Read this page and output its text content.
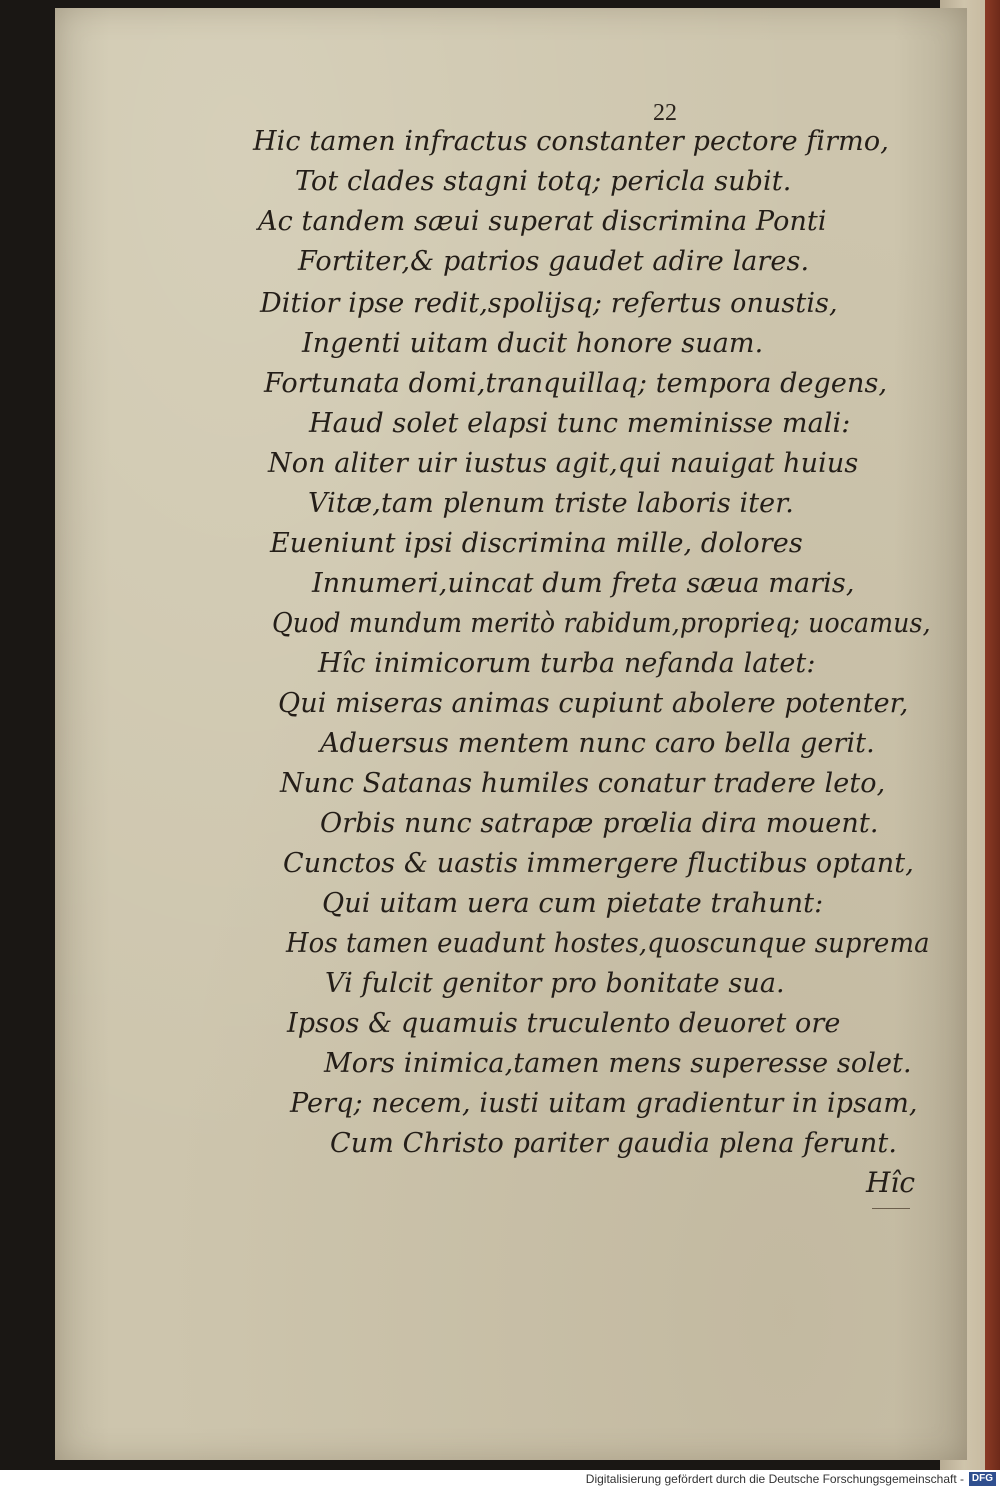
22
Hic tamen infractus constanter pectore firmo,
Tot clades stagni totq; pericla subit.
Ac tandem sæui superat discrimina Ponti
Fortiter,& patrios gaudet adire lares.
Ditior ipse redit,spolijsq; refertus onustis,
Ingenti uitam ducit honore suam.
Fortunata domi,tranquillaq; tempora degens,
Haud solet elapsi tunc meminisse mali:
Non aliter uir iustus agit,qui nauigat huius
Vitæ,tam plenum triste laboris iter.
Eueniunt ipsi discrimina mille, dolores
Innumeri,uincat dum freta sæua maris,
Quod mundum meritò rabidum,proprieq; uocamus,
Hîc inimicorum turba nefanda latet:
Qui miseras animas cupiunt abolere potenter,
Aduersus mentem nunc caro bella gerit.
Nunc Satanas humiles conatur tradere leto,
Orbis nunc satrapæ prœlia dira mouent.
Cunctos & uastis immergere fluctibus optant,
Qui uitam uera cum pietate trahunt:
Hos tamen euadunt hostes,quoscunque suprema
Vi fulcit genitor pro bonitate sua.
Ipsos & quamuis truculento deuoret ore
Mors inimica,tamen mens superesse solet.
Perq; necem, iusti uitam gradientur in ipsam,
Cum Christo pariter gaudia plena ferunt.
Hîc
Digitalisierung gefördert durch die Deutsche Forschungsgemeinschaft - DFG
